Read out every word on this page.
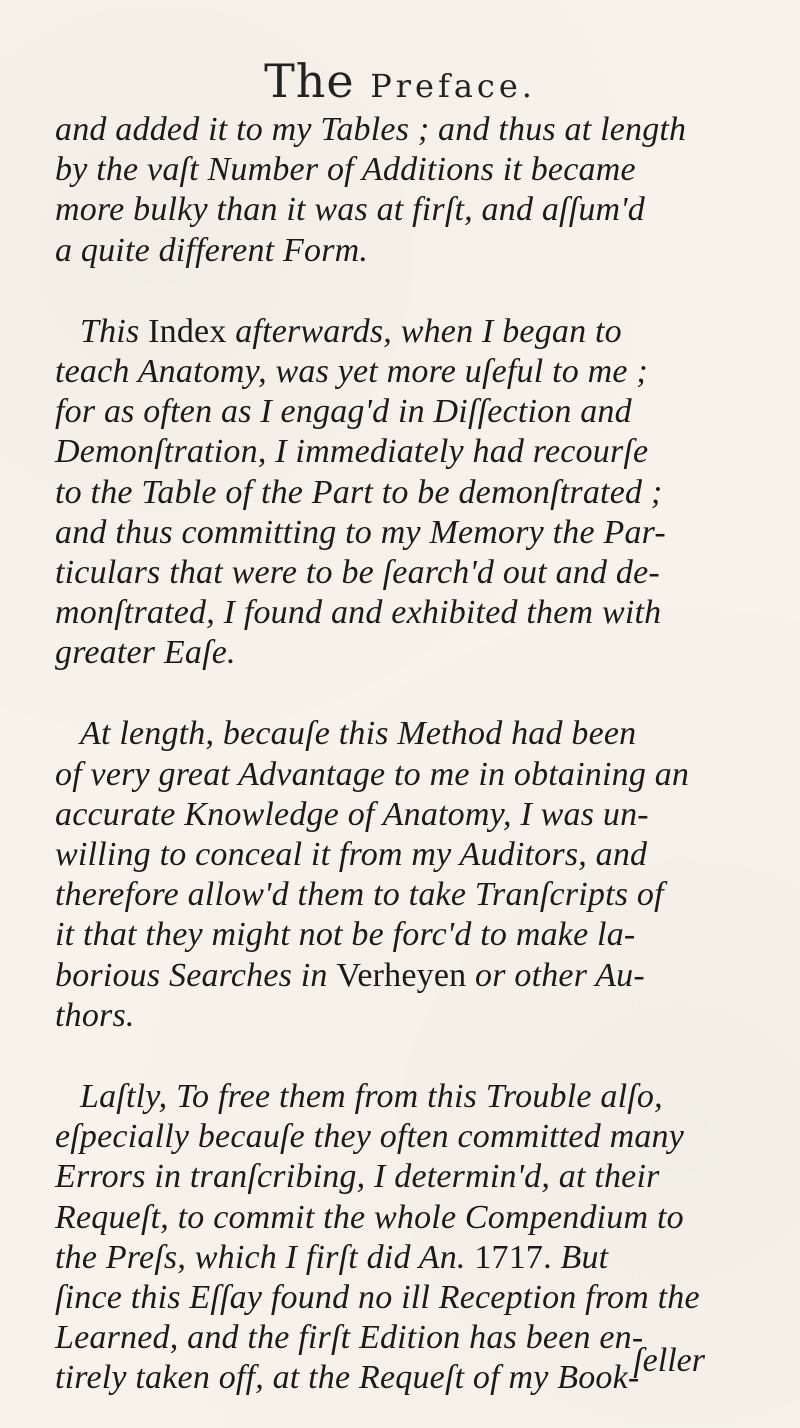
The Preface.
and added it to my Tables ; and thus at length
by the vaſt Number of Additions it became
more bulky than it was at firſt, and aſſum'd
a quite different Form.
This Index afterwards, when I began to
teach Anatomy, was yet more uſeful to me ;
for as often as I engag'd in Diſſection and
Demonſtration, I immediately had recourſe
to the Table of the Part to be demonſtrated ;
and thus committing to my Memory the Par-
ticulars that were to be ſearch'd out and de-
monſtrated, I found and exhibited them with
greater Eaſe.
At length, becauſe this Method had been
of very great Advantage to me in obtaining an
accurate Knowledge of Anatomy, I was un-
willing to conceal it from my Auditors, and
therefore allow'd them to take Tranſcripts of
it that they might not be forc'd to make la-
borious Searches in Verheyen or other Au-
thors.
Laſtly, To free them from this Trouble alſo,
eſpecially becauſe they often committed many
Errors in tranſcribing, I determin'd, at their
Requeſt, to commit the whole Compendium to
the Preſs, which I firſt did An. 1717. But
ſince this Eſſay found no ill Reception from the
Learned, and the firſt Edition has been en-
tirely taken off, at the Requeſt of my Book-
ſeller
